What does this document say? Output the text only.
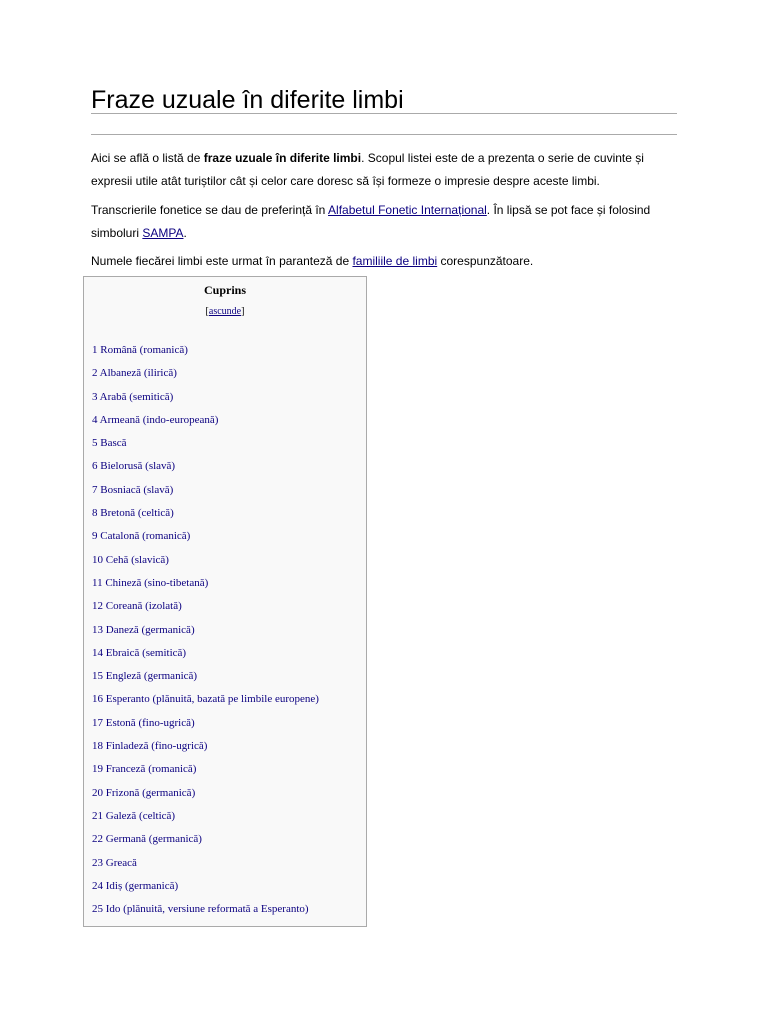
Fraze uzuale în diferite limbi

Aici se află o listă de fraze uzuale în diferite limbi. Scopul listei este de a prezenta o serie de cuvinte și expresii utile atât turiștilor cât și celor care doresc să își formeze o impresie despre aceste limbi.

Transcrierile fonetice se dau de preferință în Alfabetul Fonetic Internațional. În lipsă se pot face și folosind simboluri SAMPA.

Numele fiecărei limbi este urmat în paranteză de familiile de limbi corespunzătoare.

Cuprins
[ascunde]
1 Română (romanică)
2 Albaneză (ilirică)
3 Arabă (semitică)
4 Armeană (indo-europeană)
5 Bască
6 Bielorusă (slavă)
7 Bosniacă (slavă)
8 Bretonă (celtică)
9 Catalonă (romanică)
10 Cehă (slavică)
11 Chineză (sino-tibetană)
12 Coreană (izolată)
13 Daneză (germanică)
14 Ebraică (semitică)
15 Engleză (germanică)
16 Esperanto (plănuită, bazată pe limbile europene)
17 Estonă (fino-ugrică)
18 Finladeză (fino-ugrică)
19 Franceză (romanică)
20 Frizonă (germanică)
21 Galeză (celtică)
22 Germană (germanică)
23 Greacă
24 Idiș (germanică)
25 Ido (plănuită, versiune reformată a Esperanto)
